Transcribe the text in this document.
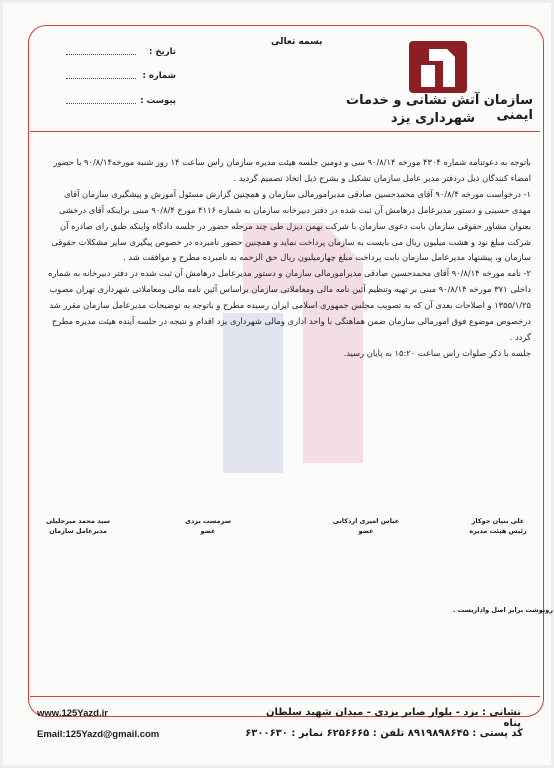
بسمه تعالی
تاریخ :
شماره :
پیوست :	سازمان آتش نشانی و خدمات ایمنی
شهرداری یزد

باتوجه به دعوتنامه شماره ۴۳۰۴ مورخه ۹۰/۸/۱۴ سی و دومین جلسه هیئت مدیره سازمان راس ساعت ۱۴ روز شنبه مورخه۹۰/۸/۱۴ با حضور امضاء کنندگان ذیل دردفتر مدیر عامل سازمان تشکیل و بشرح ذیل اتخاذ تصمیم گردید .

۱- درخواست مورخه ۹۰/۸/۴ آقای محمدحسین صادقی مدیرامورمالی سازمان و همچنین گزارش مسئول آموزش و پیشگیری سازمان آقای مهدی حسینی و دستور مدیرعامل درهامش آن ثبت شده در دفتر دبیرخانه سازمان به شماره ۴۱۱۶ مورخ ۹۰/۸/۴ مبنی براینکه آقای درخشی بعنوان مشاور حقوقی سازمان بابت دعوی سازمان با شرکت بهمن دیزل طی چند مرحله حضور در جلسه دادگاه واینکه طبق رای صادره آن شرکت مبلغ نود و هشت میلیون ریال می بایست به سازمان پرداخت نماید و همچنین حضور نامبرده در خصوص پیگیری سایر مشکلات حقوقی سازمان و، پیشنهاد مدیرعامل سازمان بابت پرداخت مبلغ چهارمیلیون ریال حق الزحمه به نامبرده مطرح و موافقت شد .

۲- نامه مورخه ۹۰/۸/۱۴ آقای محمدحسین صادقی مدیرامورمالی سازمان و دستور مدیرعامل درهامش آن ثبت شده در دفتر دبیرخانه به شماره داخلی ۳۷۱ مورخه ۹۰/۸/۱۴ مبنی بر تهیه وتنظیم آئین نامه مالی ومعاملاتی سازمان براساس آئین نامه مالی ومعاملاتی شهرداری تهران مصوب ۱۳۵۵/۱/۲۵ و اصلاحات بعدی آن که به تصویب مجلس جمهوری اسلامی ایران رسیده مطرح و باتوجه به توضیحات مدیرعامل سازمان مقرر شد درخصوص موضوع فوق امورمالی سازمان ضمن هماهنگی با واحد اداری ومالی شهرداری یزد اقدام و نتیجه در جلسه آینده هیئت مدیره مطرح گردد .

جلسه با ذکر صلوات راس ساعت ۱۵:۲۰ به پایان رسید.

علی بنیان جوکار
رئیس هیئت مدیره
عباس امیری اردکانی
عضو
سرمست یزدی
عضو
سید محمد میرجلیلی
مدیرعامل سازمان
رونوشت برابر اصل واداریست .
نشانی : یزد - بلوار صابر یزدی - میدان شهید سلطان پناه
کد پستی : ۸۹۱۹۸۹۸۶۴۵ تلفن : ۶۲۵۶۶۶۵ نمابر : ۶۳۰۰۶۳۰
www.125Yazd.ir
Email:125Yazd@gmail.com
